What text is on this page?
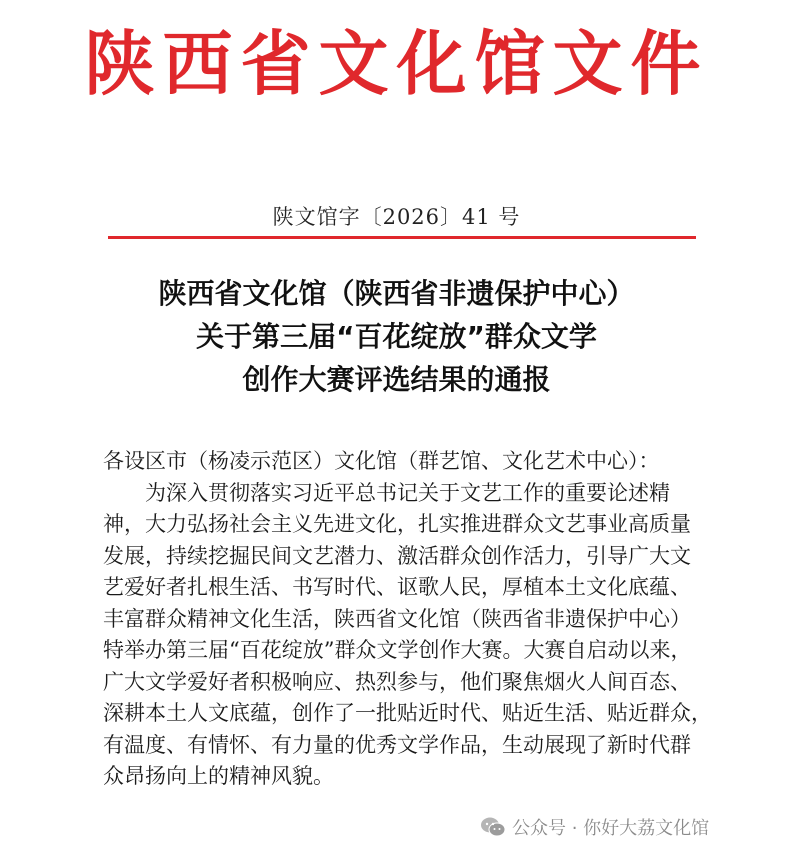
陕西省文化馆文件
陕文馆字〔2026〕41 号
陕西省文化馆（陕西省非遗保护中心）
关于第三届“百花绽放”群众文学
创作大赛评选结果的通报
各设区市（杨凌示范区）文化馆（群艺馆、文化艺术中心）：
　　为深入贯彻落实习近平总书记关于文艺工作的重要论述精
神，大力弘扬社会主义先进文化，扎实推进群众文艺事业高质量
发展，持续挖掘民间文艺潜力、激活群众创作活力，引导广大文
艺爱好者扎根生活、书写时代、讴歌人民，厚植本土文化底蕴、
丰富群众精神文化生活，陕西省文化馆（陕西省非遗保护中心）
特举办第三届“百花绽放”群众文学创作大赛。大赛自启动以来，
广大文学爱好者积极响应、热烈参与，他们聚焦烟火人间百态、
深耕本土人文底蕴，创作了一批贴近时代、贴近生活、贴近群众，
有温度、有情怀、有力量的优秀文学作品，生动展现了新时代群
众昂扬向上的精神风貌。
公众号 · 你好大荔文化馆
